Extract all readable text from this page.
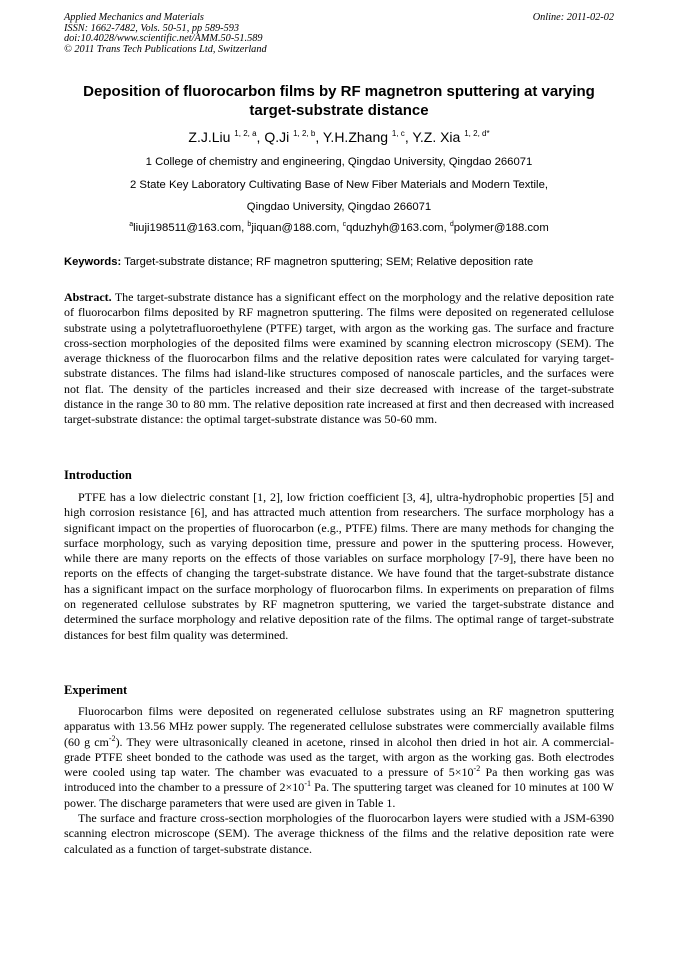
Applied Mechanics and Materials
ISSN: 1662-7482, Vols. 50-51, pp 589-593
doi:10.4028/www.scientific.net/AMM.50-51.589
© 2011 Trans Tech Publications Ltd, Switzerland
Online: 2011-02-02
Deposition of fluorocarbon films by RF magnetron sputtering at varying
target-substrate distance
Z.J.Liu $^{1, 2, a}$, Q.Ji $^{1, 2, b}$, Y.H.Zhang $^{1, c}$, Y.Z. Xia $^{1, 2, d*}$
1 College of chemistry and engineering, Qingdao University, Qingdao 266071
2 State Key Laboratory Cultivating Base of New Fiber Materials and Modern Textile,
Qingdao University, Qingdao 266071
$^a$liuji198511@163.com, $^b$jiquan@188.com, $^c$qduzhyh@163.com, $^d$polymer@188.com
Keywords: Target-substrate distance; RF magnetron sputtering; SEM; Relative deposition rate

Abstract. The target-substrate distance has a significant effect on the morphology and the relative deposition rate of fluorocarbon films deposited by RF magnetron sputtering. The films were deposited on regenerated cellulose substrate using a polytetrafluoroethylene (PTFE) target, with argon as the working gas. The surface and fracture cross-section morphologies of the deposited films were examined by scanning electron microscopy (SEM). The average thickness of the fluorocarbon films and the relative deposition rates were calculated for varying target-substrate distances. The films had island-like structures composed of nanoscale particles, and the surfaces were not flat. The density of the particles increased and their size decreased with increase of the target-substrate distance in the range 30 to 80 mm. The relative deposition rate increased at first and then decreased with increased target-substrate distance: the optimal target-substrate distance was 50-60 mm.

Introduction

PTFE has a low dielectric constant [1, 2], low friction coefficient [3, 4], ultra-hydrophobic properties [5] and high corrosion resistance [6], and has attracted much attention from researchers. The surface morphology has a significant impact on the properties of fluorocarbon (e.g., PTFE) films. There are many methods for changing the surface morphology, such as varying deposition time, pressure and power in the sputtering process. However, while there are many reports on the effects of those variables on surface morphology [7-9], there have been no reports on the effects of changing the target-substrate distance. We have found that the target-substrate distance has a significant impact on the surface morphology of fluorocarbon films. In experiments on preparation of films on regenerated cellulose substrates by RF magnetron sputtering, we varied the target-substrate distance and determined the surface morphology and relative deposition rate of the films. The optimal range of target-substrate distances for best film quality was determined.

Experiment

Fluorocarbon films were deposited on regenerated cellulose substrates using an RF magnetron sputtering apparatus with 13.56 MHz power supply. The regenerated cellulose substrates were commercially available films (60 g $cm^{-2}$). They were ultrasonically cleaned in acetone, rinsed in alcohol then dried in hot air. A commercial-grade PTFE sheet bonded to the cathode was used as the target, with argon as the working gas. Both electrodes were cooled using tap water. The chamber was evacuated to a pressure of $5\times 10^{-2}$ Pa then working gas was introduced into the chamber to a pressure of $2\times 10^{-1}$ Pa. The sputtering target was cleaned for 10 minutes at 100 W power. The discharge parameters that were used are given in Table 1.

The surface and fracture cross-section morphologies of the fluorocarbon layers were studied with a JSM-6390 scanning electron microscope (SEM). The average thickness of the films and the relative deposition rate were calculated as a function of target-substrate distance.
